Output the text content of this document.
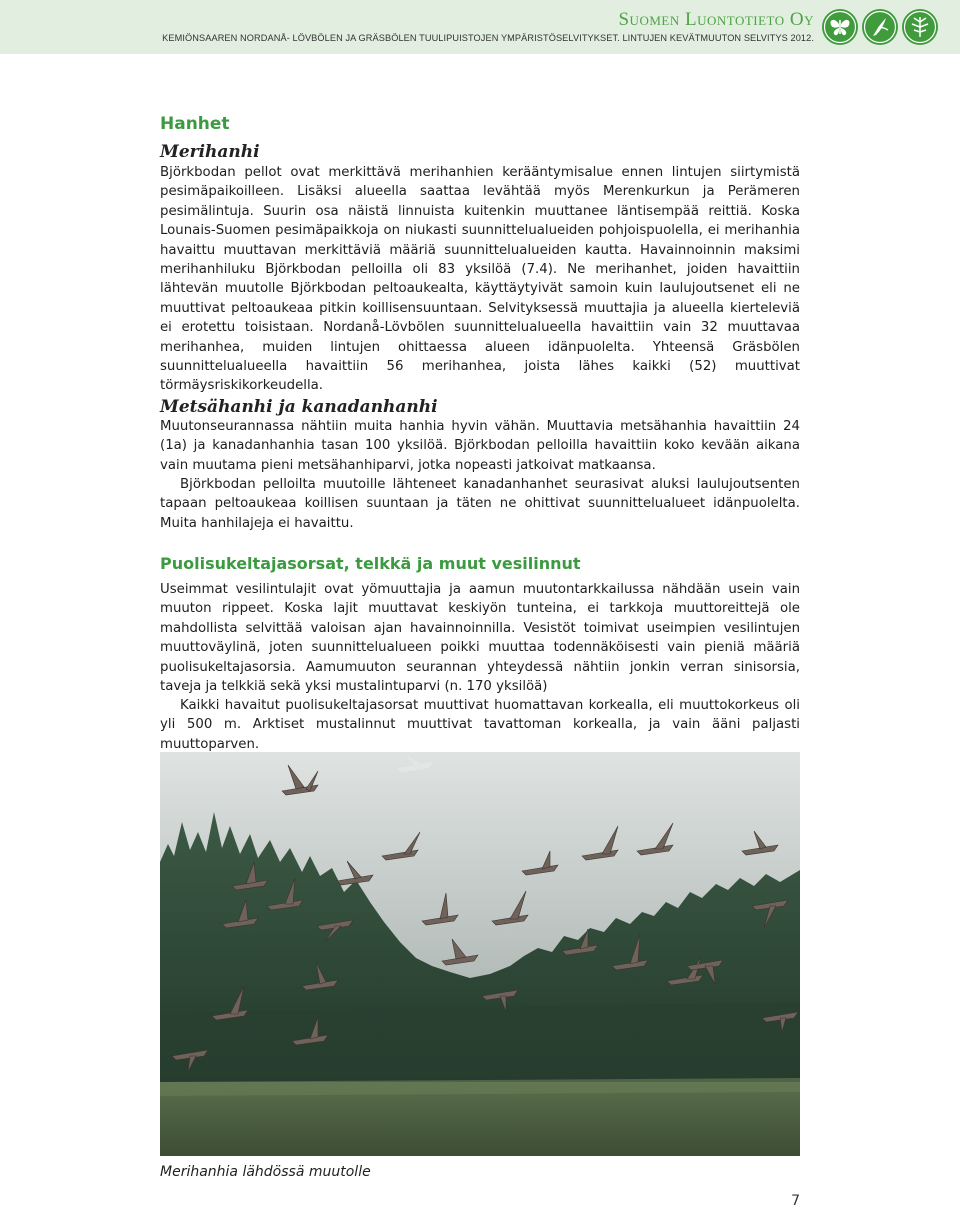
Suomen Luontotieto Oy
KEMIÖNSAAREN NORDANÅ- LÖVBÖLEN JA GRÄSBÖLEN TUULIPUISTOJEN YMPÄRISTÖSELVITYKSET. LINTUJEN KEVÄTMUUTON SELVITYS 2012.
Hanhet
Merihanhi

Björkbodan pellot ovat merkittävä merihanhien kerääntymisalue ennen lintujen siirtymistä pesimäpaikoilleen. Lisäksi alueella saattaa levähtää myös Merenkurkun ja Perämeren pesimälintuja. Suurin osa näistä linnuista kuitenkin muuttanee läntisempää reittiä. Koska Lounais-Suomen pesimäpaikkoja on niukasti suunnittelualueiden pohjoispuolella, ei merihanhia havaittu muuttavan merkittäviä määriä suunnittelualueiden kautta. Havainnoinnin maksimi merihanhiluku Björkbodan pelloilla oli 83 yksilöä (7.4). Ne merihanhet, joiden havaittiin lähtevän muutolle Björkbodan peltoaukealta, käyttäytyivät samoin kuin laulujoutsenet eli ne muuttivat peltoaukeaa pitkin koillisensuuntaan. Selvityksessä muuttajia ja alueella kierteleviä ei erotettu toisistaan. Nordanå-Lövbölen suunnittelualueella havaittiin vain 32 muuttavaa merihanhea, muiden lintujen ohittaessa alueen idänpuolelta. Yhteensä Gräsbölen suunnittelualueella havaittiin 56 merihanhea, joista lähes kaikki (52) muuttivat törmäysriskikorkeudella.

Metsähanhi ja kanadanhanhi

Muutonseurannassa nähtiin muita hanhia hyvin vähän. Muuttavia metsähanhia havaittiin 24 (1a) ja kanadanhanhia tasan 100 yksilöä. Björkbodan pelloilla havaittiin koko kevään aikana vain muutama pieni metsähanhiparvi, jotka nopeasti jatkoivat matkaansa.

Björkbodan pelloilta muutoille lähteneet kanadanhanhet seurasivat aluksi laulujoutsenten tapaan peltoaukeaa koillisen suuntaan ja täten ne ohittivat suunnittelualueet idänpuolelta. Muita hanhilajeja ei havaittu.

Puolisukeltajasorsat, telkkä ja muut vesilinnut

Useimmat vesilintulajit ovat yömuuttajia ja aamun muutontarkkailussa nähdään usein vain muuton rippeet. Koska lajit muuttavat keskiyön tunteina, ei tarkkoja muuttoreittejä ole mahdollista selvittää valoisan ajan havainnoinnilla. Vesistöt toimivat useimpien vesilintujen muuttoväylinä, joten suunnittelualueen poikki muuttaa todennäköisesti vain pieniä määriä puolisukeltajasorsia. Aamumuuton seurannan yhteydessä nähtiin jonkin verran sinisorsia, taveja ja telkkiä sekä yksi mustalintuparvi (n. 170 yksilöä)

Kaikki havaitut puolisukeltajasorsat muuttivat huomattavan korkealla, eli muuttokorkeus oli yli 500 m. Arktiset mustalinnut muuttivat tavattoman korkealla, ja vain ääni paljasti muuttoparven.

Merihanhia lähdössä muutolle
7
